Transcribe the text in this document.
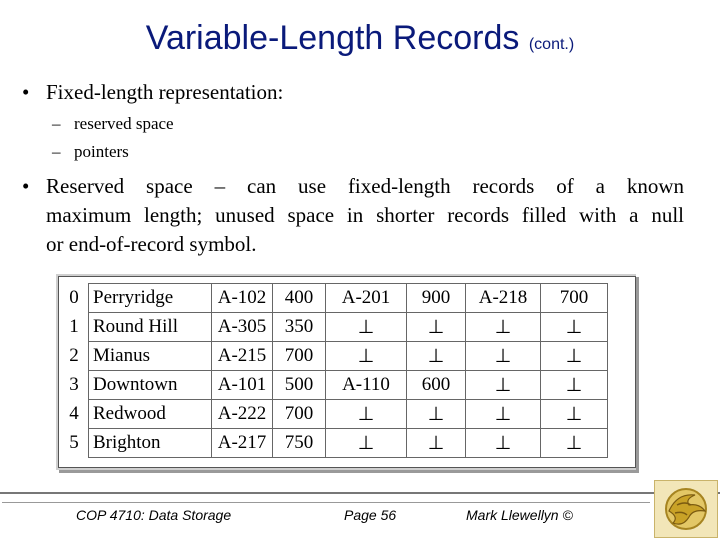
Variable-Length Records (cont.)
• Fixed-length representation:
– reserved space
– pointers
• Reserved space – can use fixed-length records of a known
maximum length; unused space in shorter records filled with a null
or end-of-record symbol.
0	Perryridge	A-102	400	A-201	900	A-218	700
1	Round Hill	A-305	350	⊥	⊥	⊥	⊥
2	Mianus	A-215	700	⊥	⊥	⊥	⊥
3	Downtown	A-101	500	A-110	600	⊥	⊥
4	Redwood	A-222	700	⊥	⊥	⊥	⊥
5	Brighton	A-217	750	⊥	⊥	⊥	⊥
COP 4710: Data Storage	Page 56	Mark Llewellyn ©
